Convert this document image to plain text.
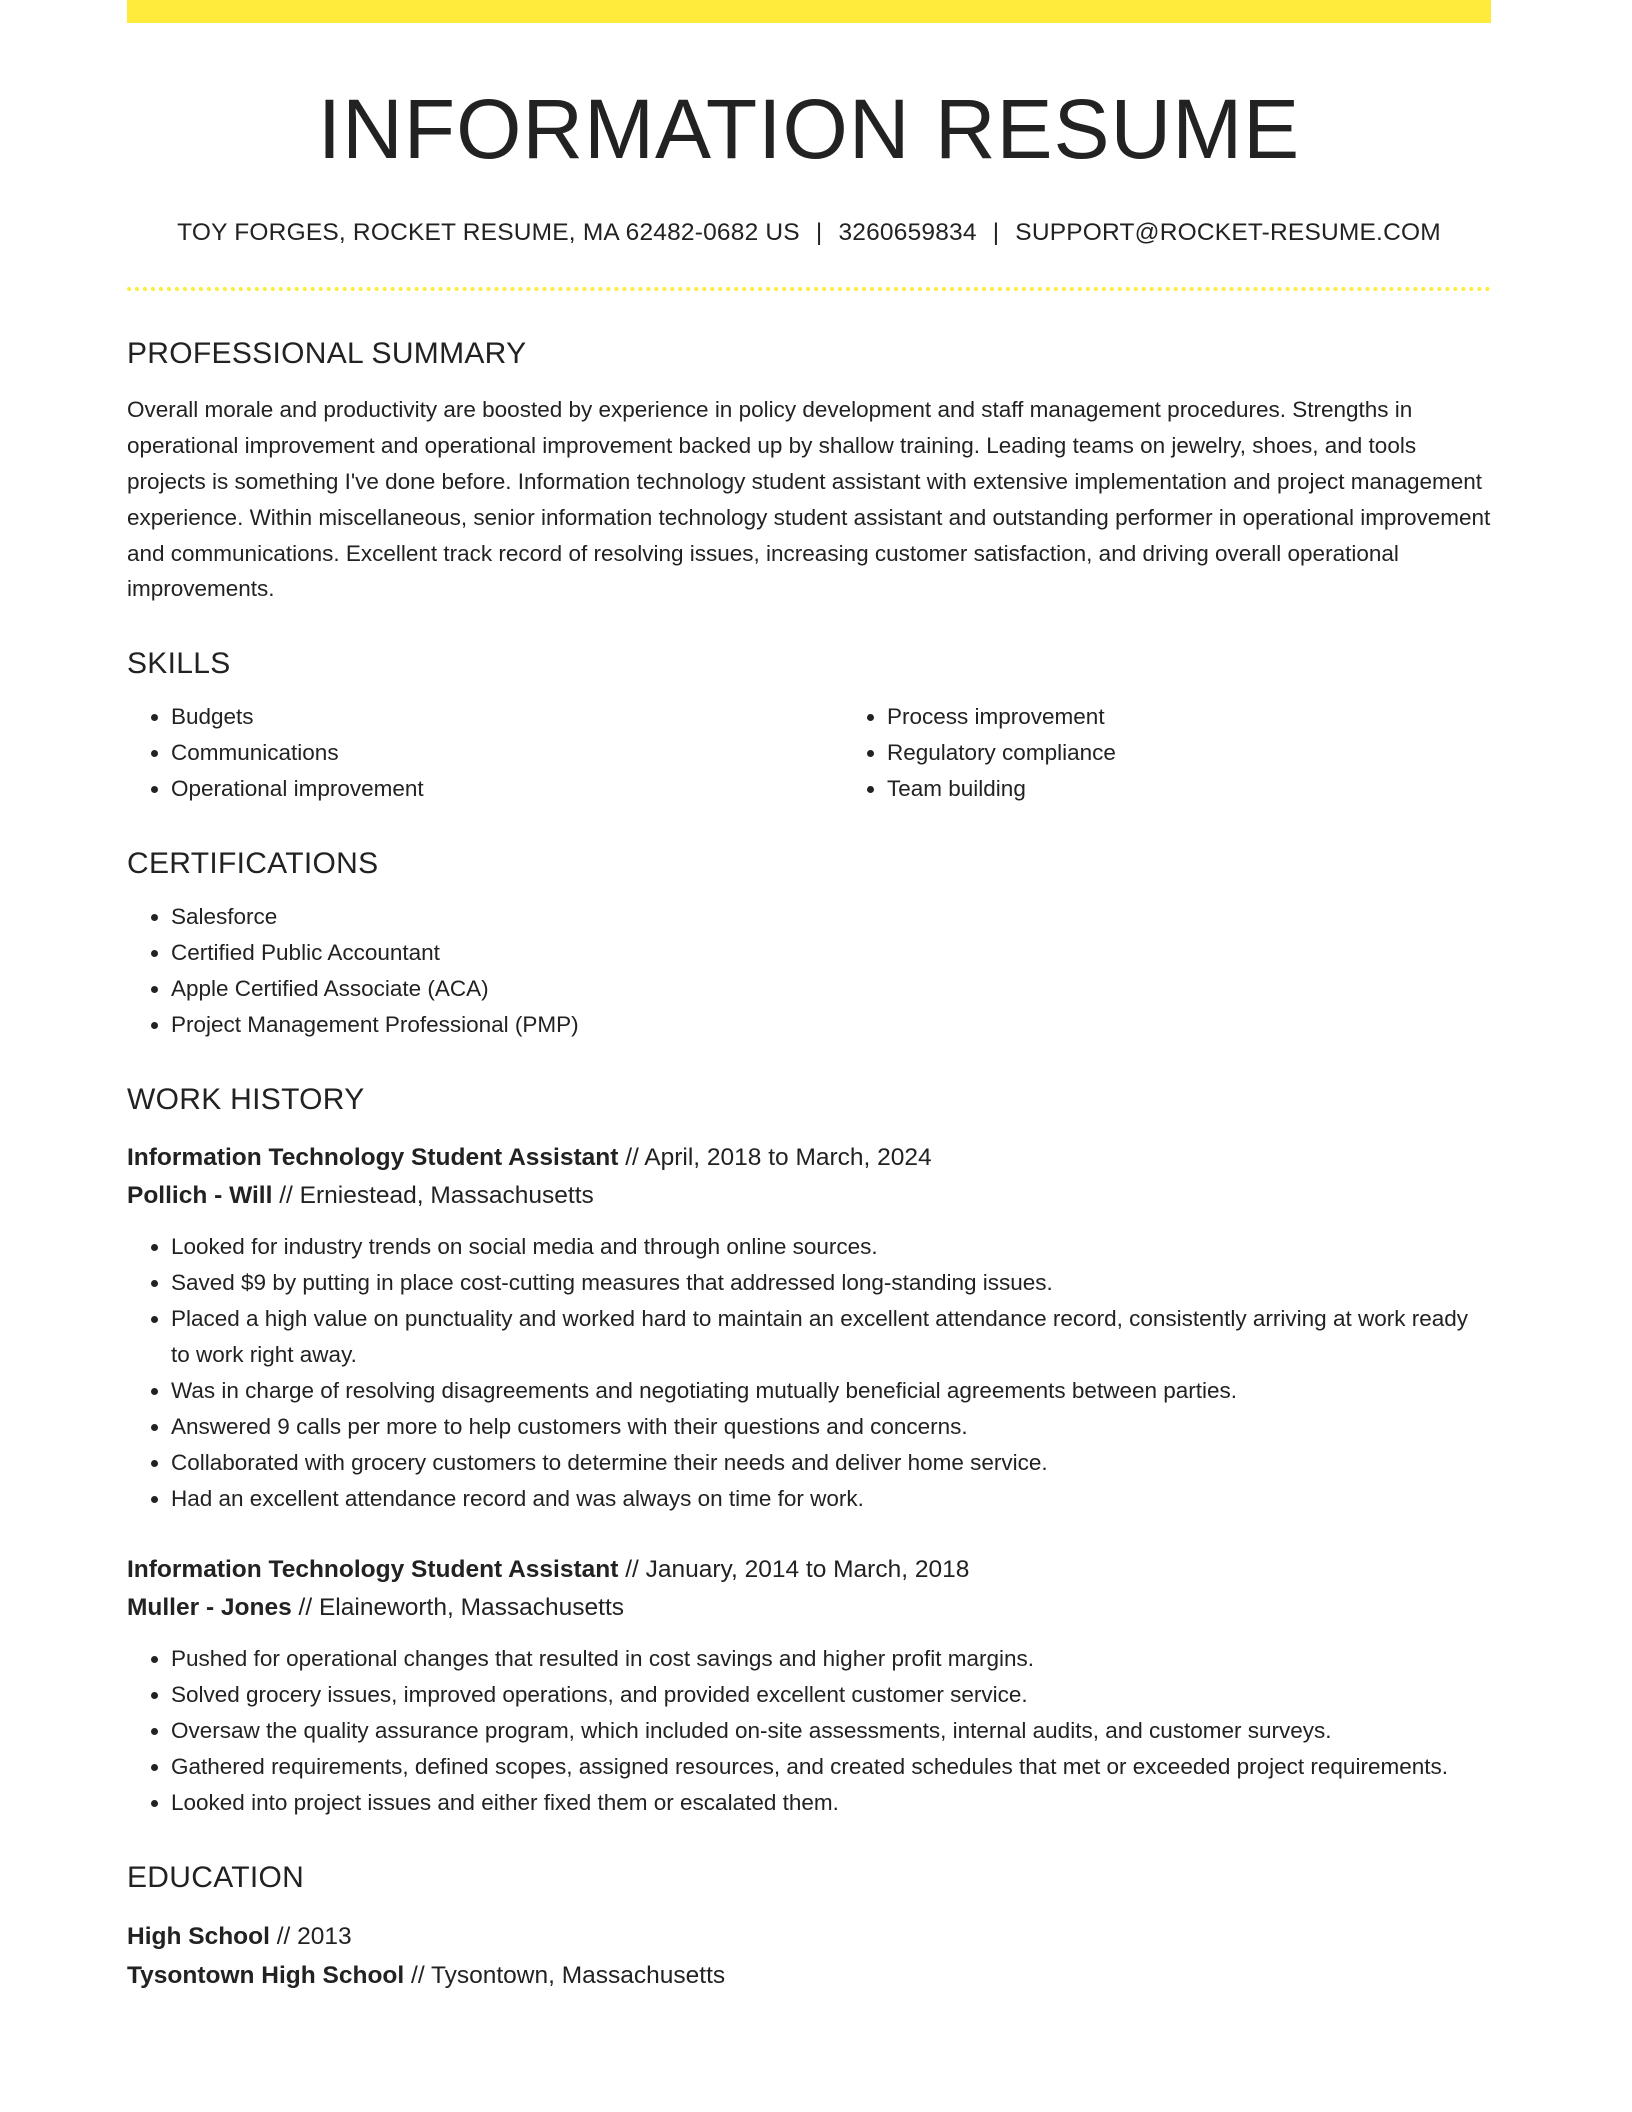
INFORMATION RESUME
TOY FORGES, ROCKET RESUME, MA 62482-0682 US | 3260659834 | SUPPORT@ROCKET-RESUME.COM
PROFESSIONAL SUMMARY
Overall morale and productivity are boosted by experience in policy development and staff management procedures. Strengths in operational improvement and operational improvement backed up by shallow training. Leading teams on jewelry, shoes, and tools projects is something I've done before. Information technology student assistant with extensive implementation and project management experience. Within miscellaneous, senior information technology student assistant and outstanding performer in operational improvement and communications. Excellent track record of resolving issues, increasing customer satisfaction, and driving overall operational improvements.
SKILLS
• Budgets
• Communications
• Operational improvement
• Process improvement
• Regulatory compliance
• Team building
CERTIFICATIONS
• Salesforce
• Certified Public Accountant
• Apple Certified Associate (ACA)
• Project Management Professional (PMP)
WORK HISTORY
Information Technology Student Assistant // April, 2018 to March, 2024
Pollich - Will // Erniestead, Massachusetts
• Looked for industry trends on social media and through online sources.
• Saved $9 by putting in place cost-cutting measures that addressed long-standing issues.
• Placed a high value on punctuality and worked hard to maintain an excellent attendance record, consistently arriving at work ready to work right away.
• Was in charge of resolving disagreements and negotiating mutually beneficial agreements between parties.
• Answered 9 calls per more to help customers with their questions and concerns.
• Collaborated with grocery customers to determine their needs and deliver home service.
• Had an excellent attendance record and was always on time for work.
Information Technology Student Assistant // January, 2014 to March, 2018
Muller - Jones // Elaineworth, Massachusetts
• Pushed for operational changes that resulted in cost savings and higher profit margins.
• Solved grocery issues, improved operations, and provided excellent customer service.
• Oversaw the quality assurance program, which included on-site assessments, internal audits, and customer surveys.
• Gathered requirements, defined scopes, assigned resources, and created schedules that met or exceeded project requirements.
• Looked into project issues and either fixed them or escalated them.
EDUCATION
High School // 2013
Tysontown High School // Tysontown, Massachusetts
